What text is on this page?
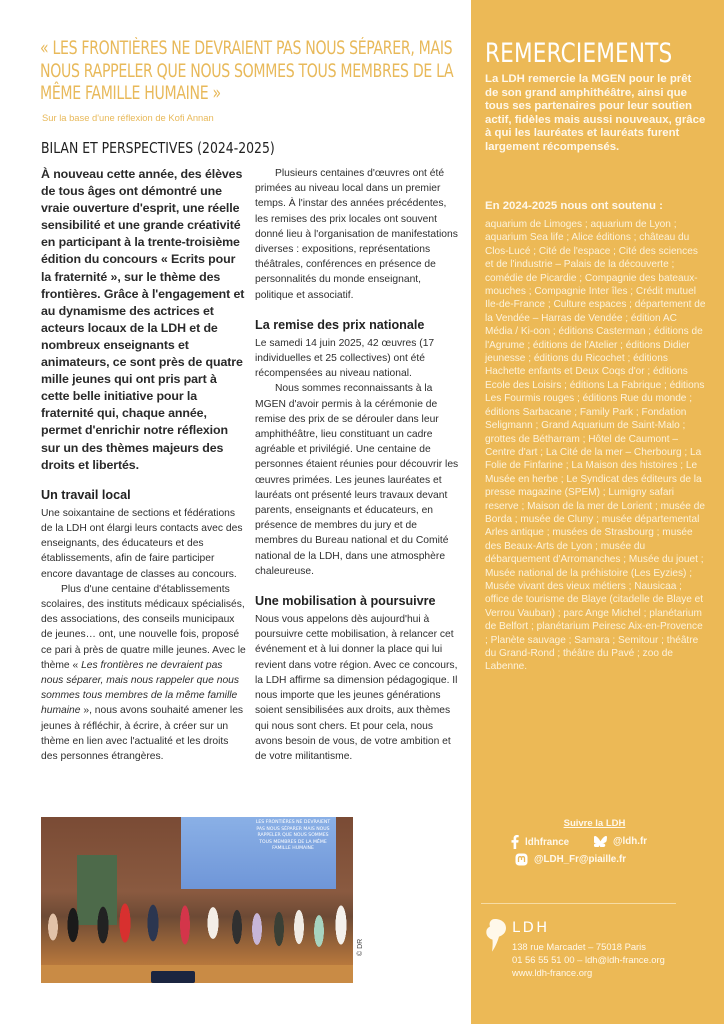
« LES FRONTIÈRES NE DEVRAIENT PAS NOUS SÉPARER, MAIS NOUS RAPPELER QUE NOUS SOMMES TOUS MEMBRES DE LA MÊME FAMILLE HUMAINE »
Sur la base d'une réflexion de Kofi Annan
BILAN ET PERSPECTIVES (2024-2025)

À nouveau cette année, des élèves de tous âges ont démontré une vraie ouverture d'esprit, une réelle sensibilité et une grande créativité en participant à la trente-troisième édition du concours « Ecrits pour la fraternité », sur le thème des frontières. Grâce à l'engagement et au dynamisme des actrices et acteurs locaux de la LDH et de nombreux enseignants et animateurs, ce sont près de quatre mille jeunes qui ont pris part à cette belle initiative pour la fraternité qui, chaque année, permet d'enrichir notre réflexion sur un des thèmes majeurs des droits et libertés.

Un travail local

Une soixantaine de sections et fédérations de la LDH ont élargi leurs contacts avec des enseignants, des éducateurs et des établissements, afin de faire participer encore davantage de classes au concours.

Plus d'une centaine d'établissements scolaires, des instituts médicaux spécialisés, des associations, des conseils municipaux de jeunes… ont, une nouvelle fois, proposé ce pari à près de quatre mille jeunes. Avec le thème « Les frontières ne devraient pas nous séparer, mais nous rappeler que nous sommes tous membres de la même famille humaine », nous avons souhaité amener les jeunes à réfléchir, à écrire, à créer sur un thème en lien avec l'actualité et les droits des personnes étrangères.

Plusieurs centaines d'œuvres ont été primées au niveau local dans un premier temps. À l'instar des années précédentes, les remises des prix locales ont souvent donné lieu à l'organisation de manifestations diverses : expositions, représentations théâtrales, conférences en présence de personnalités du monde enseignant, politique et associatif.

La remise des prix nationale

Le samedi 14 juin 2025, 42 œuvres (17 individuelles et 25 collectives) ont été récompensées au niveau national.

Nous sommes reconnaissants à la MGEN d'avoir permis à la cérémonie de remise des prix de se dérouler dans leur amphithéâtre, lieu constituant un cadre agréable et privilégié. Une centaine de personnes étaient réunies pour découvrir les œuvres primées. Les jeunes lauréates et lauréats ont présenté leurs travaux devant parents, enseignants et éducateurs, en présence de membres du jury et de membres du Bureau national et du Comité national de la LDH, dans une atmosphère chaleureuse.

Une mobilisation à poursuivre

Nous vous appelons dès aujourd'hui à poursuivre cette mobilisation, à relancer cet événement et à lui donner la place qui lui revient dans votre région. Avec ce concours, la LDH affirme sa dimension pédagogique. Il nous importe que les jeunes générations soient sensibilisées aux droits, aux thèmes qui nous sont chers. Et pour cela, nous avons besoin de vous, de votre ambition et de votre militantisme.

LES FRONTIÈRES NE DEVRAIENT PAS NOUS SÉPARER MAIS NOUS RAPPELER QUE NOUS SOMMES TOUS MEMBRES DE LA MÊME FAMILLE HUMAINE
© DR
REMERCIEMENTS

La LDH remercie la MGEN pour le prêt de son grand amphithéâtre, ainsi que tous ses partenaires pour leur soutien actif, fidèles mais aussi nouveaux, grâce à qui les lauréates et lauréats furent largement récompensés.

En 2024-2025 nous ont soutenu :

aquarium de Limoges ; aquarium de Lyon ; aquarium Sea life ; Alice éditions ; château du Clos-Lucé ; Cité de l'espace ; Cité des sciences et de l'industrie – Palais de la découverte ; comédie de Picardie ; Compagnie des bateaux-mouches ; Compagnie Inter îles ; Crédit mutuel Ile-de-France ; Culture espaces ; département de la Vendée – Harras de Vendée ; édition AC Média / Ki-oon ; éditions Casterman ; éditions de l'Agrume ; éditions de l'Atelier ; éditions Didier jeunesse ; éditions du Ricochet ; éditions Hachette enfants et Deux Coqs d'or ; éditions Ecole des Loisirs ; éditions La Fabrique ; éditions Les Fourmis rouges ; éditions Rue du monde ; éditions Sarbacane ; Family Park ; Fondation Seligmann ; Grand Aquarium de Saint-Malo ; grottes de Bétharram ; Hôtel de Caumont – Centre d'art ; La Cité de la mer – Cherbourg ; La Folie de Finfarine ; La Maison des histoires ; Le Musée en herbe ; Le Syndicat des éditeurs de la presse magazine (SPEM) ; Lumigny safari reserve ; Maison de la mer de Lorient ; musée de Borda ; musée de Cluny ; musée départemental Arles antique ; musées de Strasbourg ; musée des Beaux-Arts de Lyon ; musée du débarquement d'Arromanches ; Musée du jouet ; Musée national de la préhistoire (Les Eyzies) ; Musée vivant des vieux métiers ; Nausicaa ; office de tourisme de Blaye (citadelle de Blaye et Verrou Vauban) ; parc Ange Michel ; planétarium de Belfort ; planétarium Peiresc Aix-en-Provence ; Planète sauvage ; Samara ; Semitour ; théâtre du Grand-Rond ; théâtre du Pavé ; zoo de Labenne.

Suivre la LDH
ldhfrance	@ldh.fr
@LDH_Fr@piaille.fr
LDH
138 rue Marcadet – 75018 Paris
01 56 55 51 00 – ldh@ldh-france.org
www.ldh-france.org
